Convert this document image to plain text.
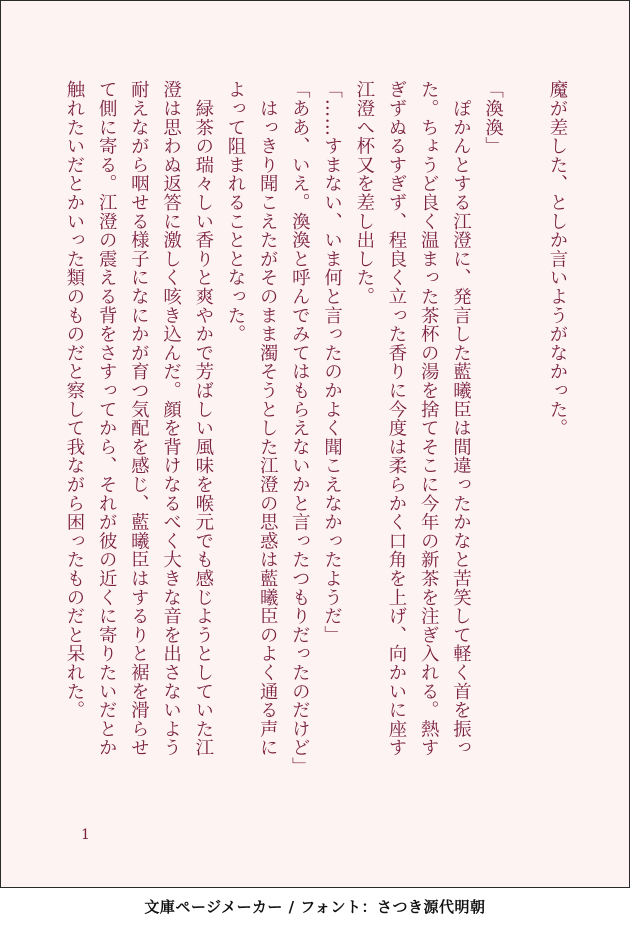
魔が差した、としか言いようがなかった。

「渙渙」
　ぽかんとする江澄に、発言した藍曦臣は間違ったかなと苦笑して軽く首を振っ
た。ちょうど良く温まった茶杯の湯を捨てそこに今年の新茶を注ぎ入れる。熱す
ぎずぬるすぎず、程良く立った香りに今度は柔らかく口角を上げ、向かいに座す
江澄へ杯又を差し出した。
「……すまない、いま何と言ったのかよく聞こえなかったようだ」
「ああ、いえ。渙渙と呼んでみてはもらえないかと言ったつもりだったのだけど」
　はっきり聞こえたがそのまま濁そうとした江澄の思惑は藍曦臣のよく通る声に
よって阻まれることとなった。
　緑茶の瑞々しい香りと爽やかで芳ばしい風味を喉元でも感じようとしていた江
澄は思わぬ返答に激しく咳き込んだ。顔を背けなるべく大きな音を出さないよう
耐えながら咽せる様子になにかが育つ気配を感じ、藍曦臣はするりと裾を滑らせ
て側に寄る。江澄の震える背をさすってから、それが彼の近くに寄りたいだとか
触れたいだとかいった類のものだと察して我ながら困ったものだと呆れた。
1
文庫ページメーカー / フォント：さつき源代明朝
